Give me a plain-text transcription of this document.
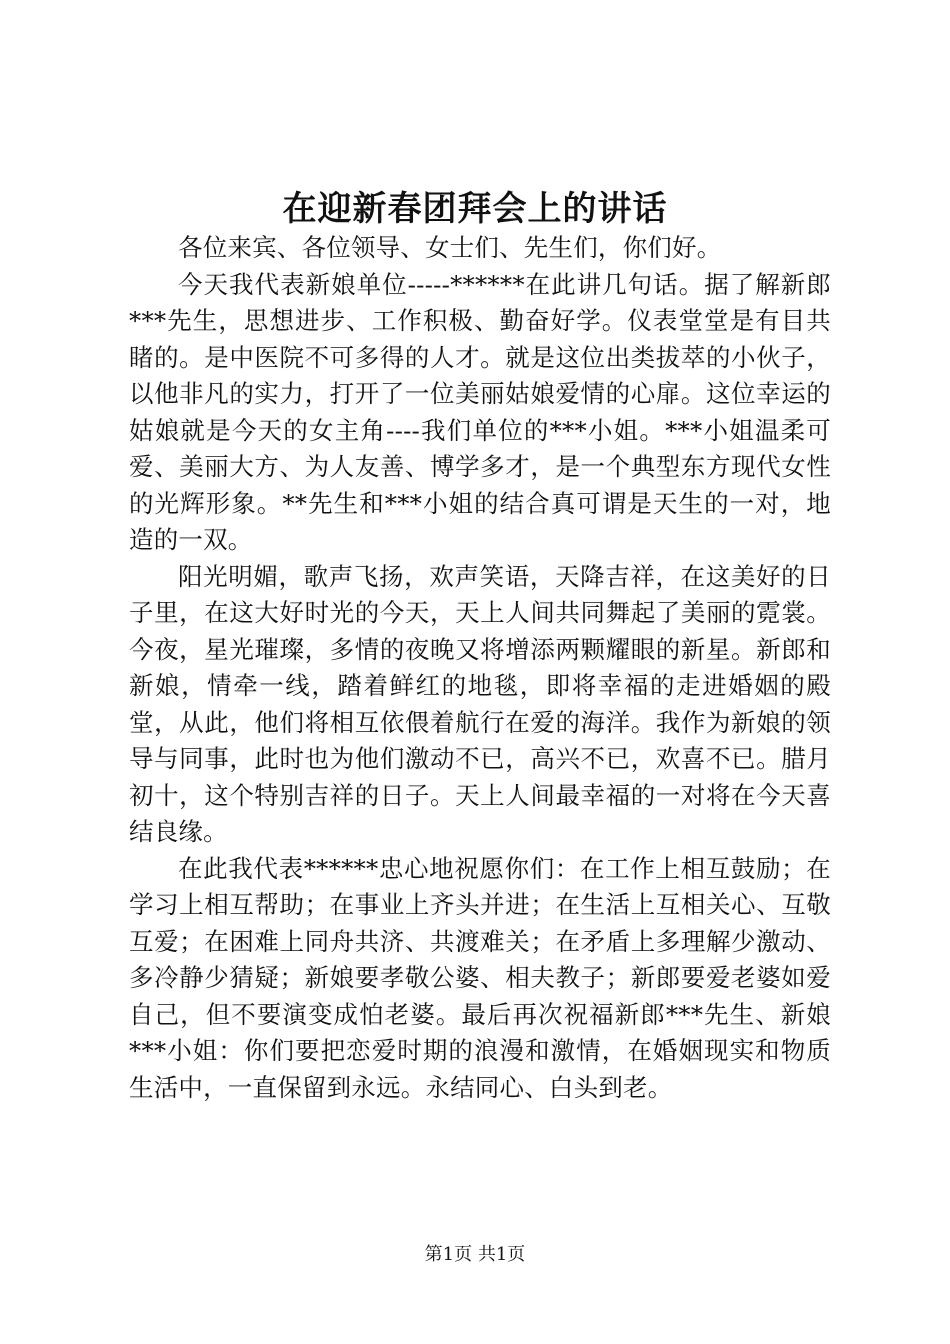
在迎新春团拜会上的讲话

各位来宾、各位领导、女士们、先生们，你们好。

今天我代表新娘单位-----******在此讲几句话。据了解新郎***先生，思想进步、工作积极、勤奋好学。仪表堂堂是有目共睹的。是中医院不可多得的人才。就是这位出类拔萃的小伙子，以他非凡的实力，打开了一位美丽姑娘爱情的心扉。这位幸运的姑娘就是今天的女主角----我们单位的***小姐。***小姐温柔可爱、美丽大方、为人友善、博学多才，是一个典型东方现代女性的光辉形象。**先生和***小姐的结合真可谓是天生的一对，地造的一双。

阳光明媚，歌声飞扬，欢声笑语，天降吉祥，在这美好的日子里，在这大好时光的今天，天上人间共同舞起了美丽的霓裳。今夜，星光璀璨，多情的夜晚又将增添两颗耀眼的新星。新郎和新娘，情牵一线，踏着鲜红的地毯，即将幸福的走进婚姻的殿堂，从此，他们将相互依偎着航行在爱的海洋。我作为新娘的领导与同事，此时也为他们激动不已，高兴不已，欢喜不已。腊月初十，这个特别吉祥的日子。天上人间最幸福的一对将在今天喜结良缘。

在此我代表******忠心地祝愿你们：在工作上相互鼓励；在学习上相互帮助；在事业上齐头并进；在生活上互相关心、互敬互爱；在困难上同舟共济、共渡难关；在矛盾上多理解少激动、多冷静少猜疑；新娘要孝敬公婆、相夫教子；新郎要爱老婆如爱自己，但不要演变成怕老婆。最后再次祝福新郎***先生、新娘***小姐：你们要把恋爱时期的浪漫和激情，在婚姻现实和物质生活中，一直保留到永远。永结同心、白头到老。

第1页 共1页
